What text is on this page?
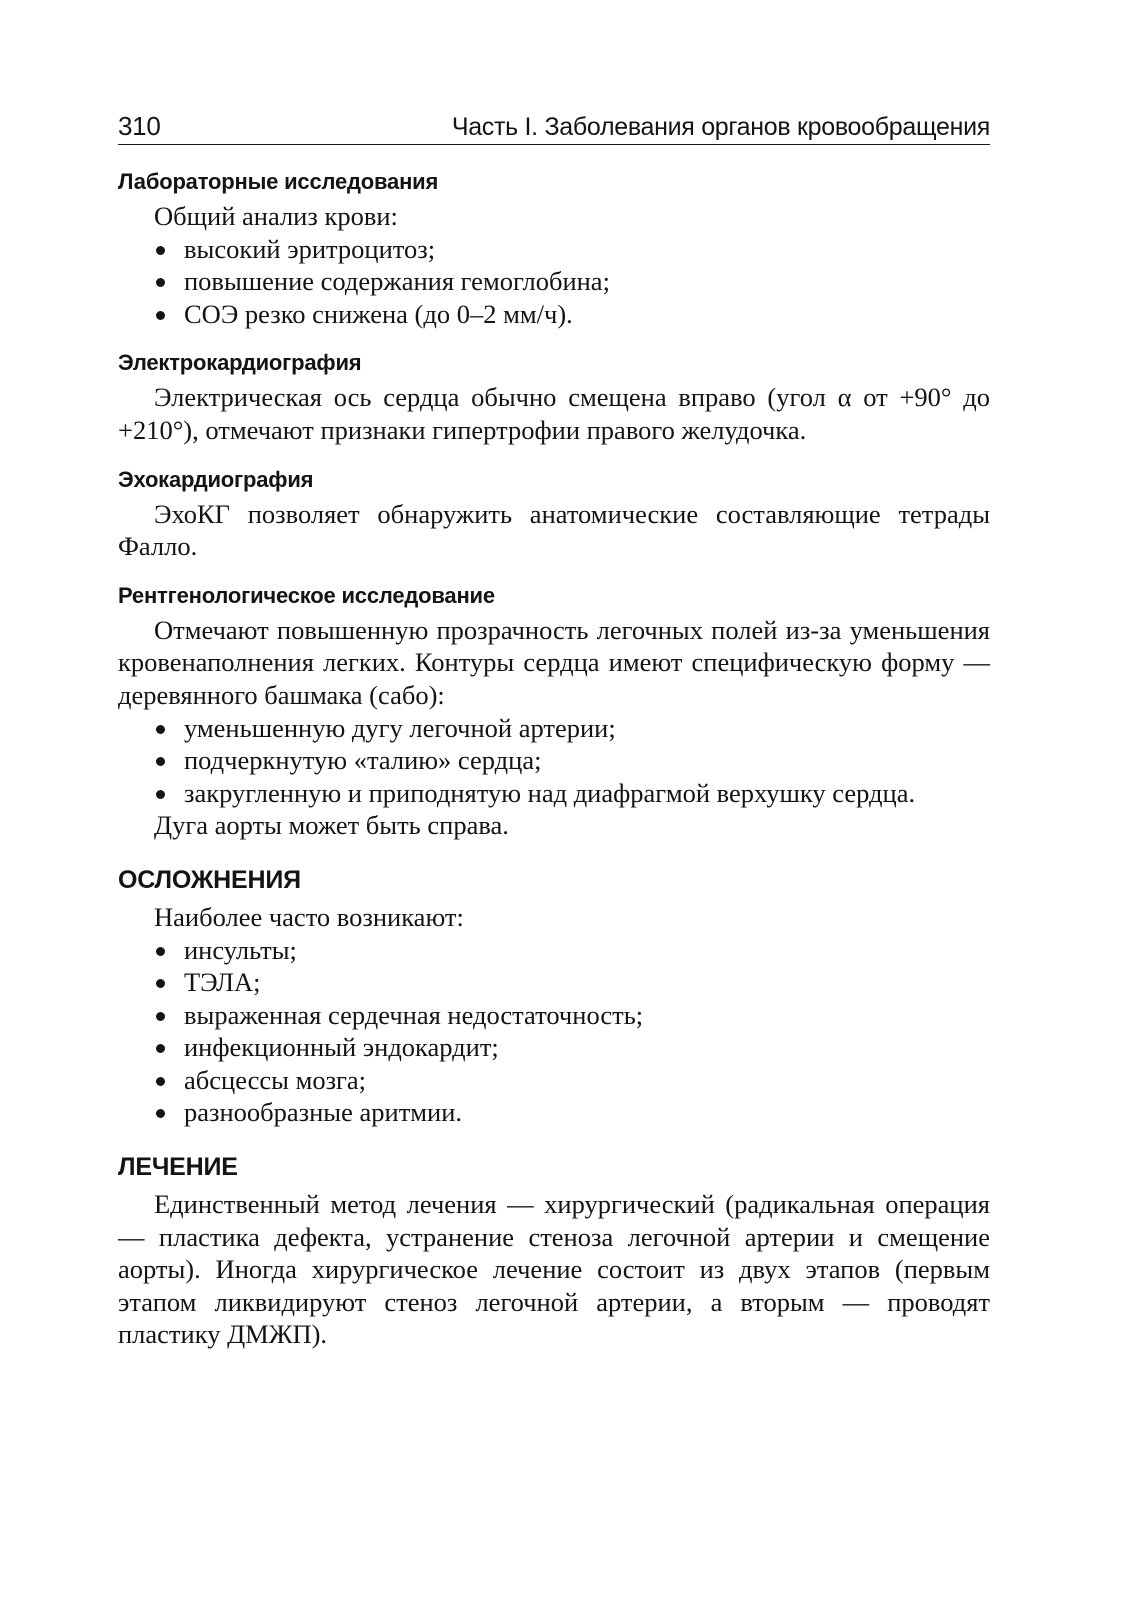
310	Часть I. Заболевания органов кровообращения
Лабораторные исследования

Общий анализ крови:

высокий эритроцитоз;
повышение содержания гемоглобина;
СОЭ резко снижена (до 0–2 мм/ч).
Электрокардиография

Электрическая ось сердца обычно смещена вправо (угол α от +90° до +210°), отмечают признаки гипертрофии правого желудочка.

Эхокардиография

ЭхоКГ позволяет обнаружить анатомические составляющие тетрады Фалло.

Рентгенологическое исследование

Отмечают повышенную прозрачность легочных полей из-за уменьшения кровенаполнения легких. Контуры сердца имеют специфическую форму — деревянного башмака (сабо):

уменьшенную дугу легочной артерии;
подчеркнутую «талию» сердца;
закругленную и приподнятую над диафрагмой верхушку сердца.

Дуга аорты может быть справа.

ОСЛОЖНЕНИЯ

Наиболее часто возникают:

инсульты;
ТЭЛА;
выраженная сердечная недостаточность;
инфекционный эндокардит;
абсцессы мозга;
разнообразные аритмии.
ЛЕЧЕНИЕ

Единственный метод лечения — хирургический (радикальная операция — пластика дефекта, устранение стеноза легочной артерии и смещение аорты). Иногда хирургическое лечение состоит из двух этапов (первым этапом ликвидируют стеноз легочной артерии, а вторым — проводят пластику ДМЖП).
